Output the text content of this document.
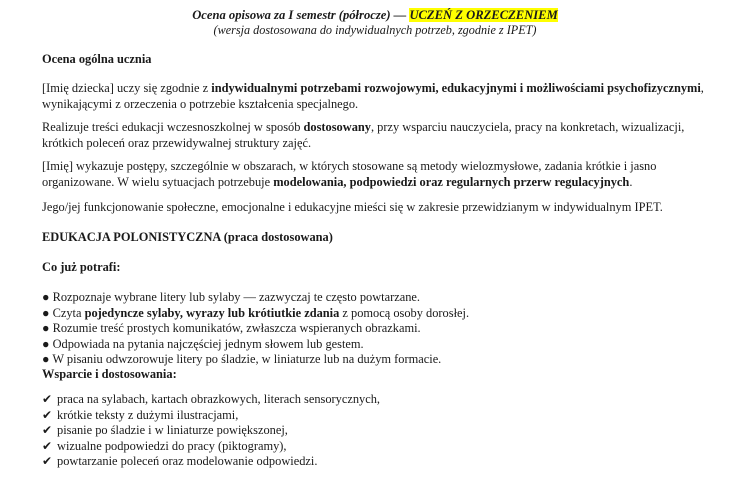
Ocena opisowa za I semestr (półrocze) — UCZEŃ Z ORZECZENIEM
(wersja dostosowana do indywidualnych potrzeb, zgodnie z IPET)

Ocena ogólna ucznia

[Imię dziecka] uczy się zgodnie z indywidualnymi potrzebami rozwojowymi, edukacyjnymi i możliwościami psychofizycznymi, wynikającymi z orzeczenia o potrzebie kształcenia specjalnego.

Realizuje treści edukacji wczesnoszkolnej w sposób dostosowany, przy wsparciu nauczyciela, pracy na konkretach, wizualizacji, krótkich poleceń oraz przewidywalnej struktury zajęć.

[Imię] wykazuje postępy, szczególnie w obszarach, w których stosowane są metody wielozmysłowe, zadania krótkie i jasno organizowane. W wielu sytuacjach potrzebuje modelowania, podpowiedzi oraz regularnych przerw regulacyjnych.

Jego/jej funkcjonowanie społeczne, emocjonalne i edukacyjne mieści się w zakresie przewidzianym w indywidualnym IPET.

EDUKACJA POLONISTYCZNA (praca dostosowana)

Co już potrafi:

● Rozpoznaje wybrane litery lub sylaby — zazwyczaj te często powtarzane.
● Czyta pojedyncze sylaby, wyrazy lub krótiutkie zdania z pomocą osoby dorosłej.
● Rozumie treść prostych komunikatów, zwłaszcza wspieranych obrazkami.
● Odpowiada na pytania najczęściej jednym słowem lub gestem.
● W pisaniu odwzorowuje litery po śladzie, w liniaturze lub na dużym formacie.

Wsparcie i dostosowania:

✔ praca na sylabach, kartach obrazkowych, literach sensorycznych,
✔ krótkie teksty z dużymi ilustracjami,
✔ pisanie po śladzie i w liniaturze powiększonej,
✔ wizualne podpowiedzi do pracy (piktogramy),
✔ powtarzanie poleceń oraz modelowanie odpowiedzi.
